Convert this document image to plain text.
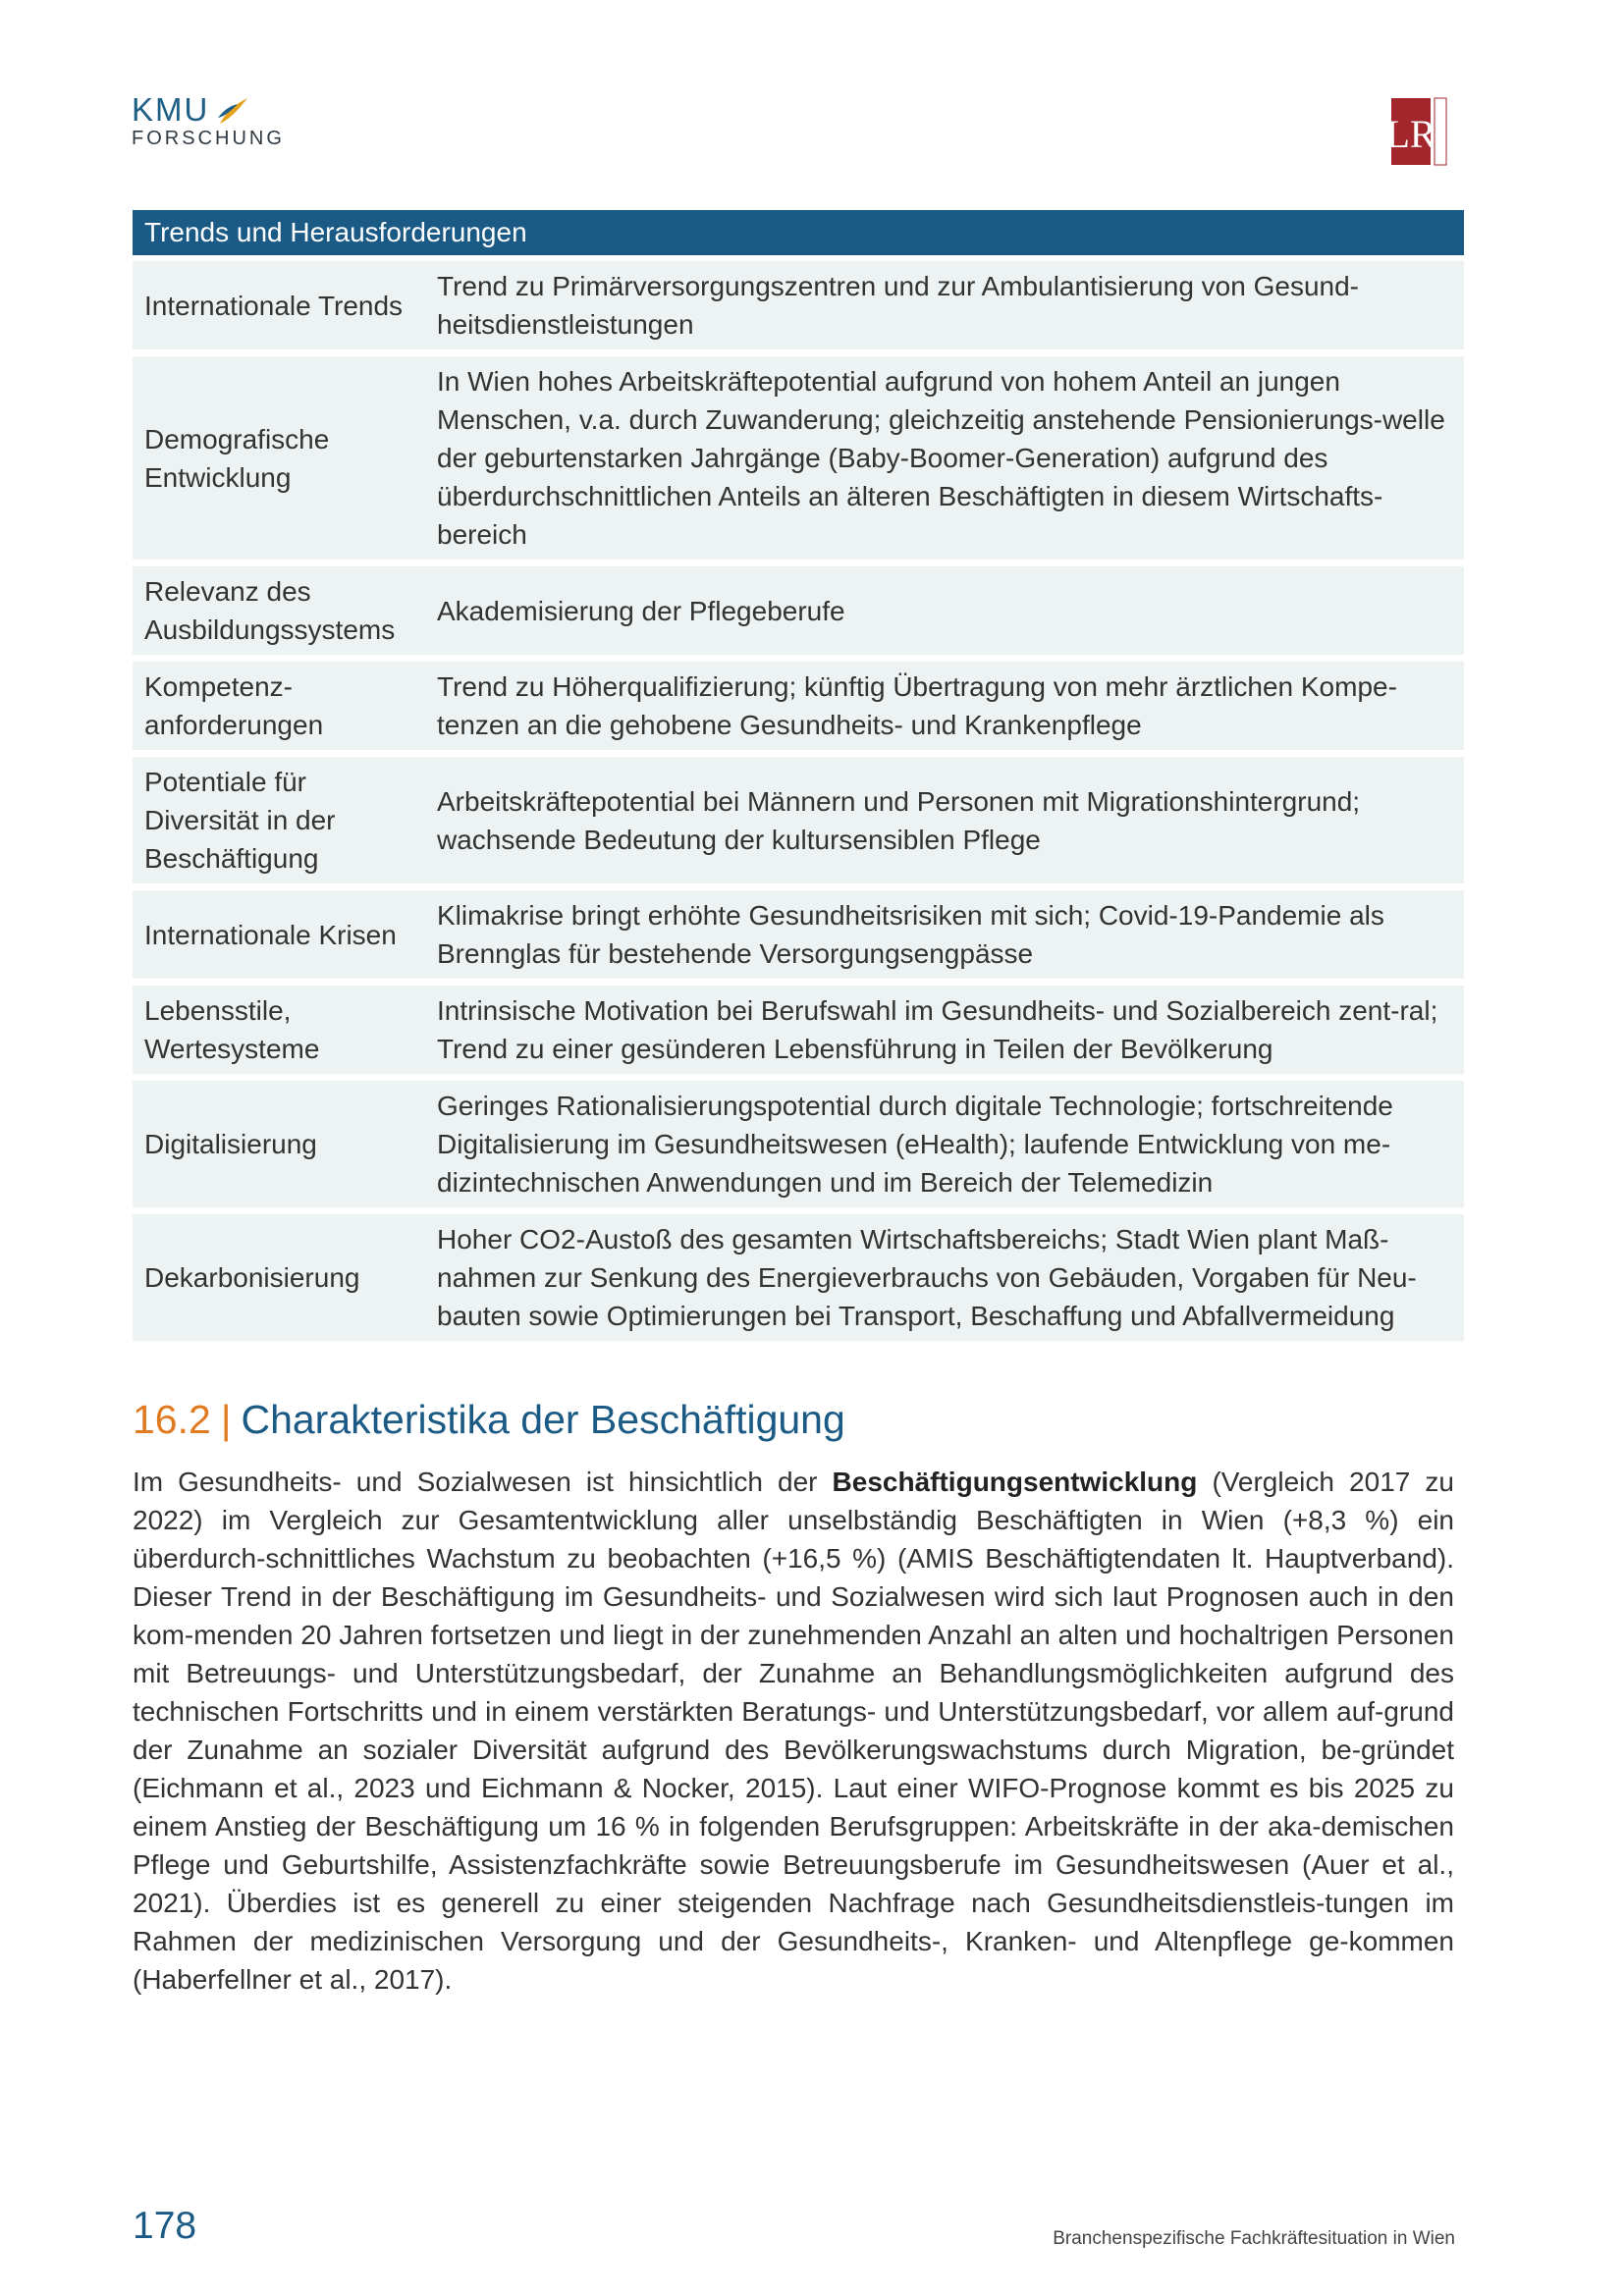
KMU
FORSCHUNG	LR
Trends und Herausforderungen
Internationale Trends
Trend zu Primärversorgungszentren und zur Ambulantisierung von Gesund-heitsdienstleistungen
Demografische Entwicklung
In Wien hohes Arbeitskräftepotential aufgrund von hohem Anteil an jungen Menschen, v.a. durch Zuwanderung; gleichzeitig anstehende Pensionierungs-welle der geburtenstarken Jahrgänge (Baby-Boomer-Generation) aufgrund des überdurchschnittlichen Anteils an älteren Beschäftigten in diesem Wirtschafts-bereich
Relevanz des Ausbildungssystems
Akademisierung der Pflegeberufe
Kompetenz-anforderungen
Trend zu Höherqualifizierung; künftig Übertragung von mehr ärztlichen Kompe-tenzen an die gehobene Gesundheits- und Krankenpflege
Potentiale für Diversität in der Beschäftigung
Arbeitskräftepotential bei Männern und Personen mit Migrationshintergrund; wachsende Bedeutung der kultursensiblen Pflege
Internationale Krisen
Klimakrise bringt erhöhte Gesundheitsrisiken mit sich; Covid-19-Pandemie als Brennglas für bestehende Versorgungsengpässe
Lebensstile, Wertesysteme
Intrinsische Motivation bei Berufswahl im Gesundheits- und Sozialbereich zent-ral; Trend zu einer gesünderen Lebensführung in Teilen der Bevölkerung
Digitalisierung
Geringes Rationalisierungspotential durch digitale Technologie; fortschreitende Digitalisierung im Gesundheitswesen (eHealth); laufende Entwicklung von me-dizintechnischen Anwendungen und im Bereich der Telemedizin
Dekarbonisierung
Hoher CO2-Austoß des gesamten Wirtschaftsbereichs; Stadt Wien plant Maß-nahmen zur Senkung des Energieverbrauchs von Gebäuden, Vorgaben für Neu-bauten sowie Optimierungen bei Transport, Beschaffung und Abfallvermeidung
16.2 | Charakteristika der Beschäftigung
Im Gesundheits- und Sozialwesen ist hinsichtlich der Beschäftigungsentwicklung (Vergleich 2017 zu 2022) im Vergleich zur Gesamtentwicklung aller unselbständig Beschäftigten in Wien (+8,3 %) ein überdurch-schnittliches Wachstum zu beobachten (+16,5 %) (AMIS Beschäftigtendaten lt. Hauptverband). Dieser Trend in der Beschäftigung im Gesundheits- und Sozialwesen wird sich laut Prognosen auch in den kom-menden 20 Jahren fortsetzen und liegt in der zunehmenden Anzahl an alten und hochaltrigen Personen mit Betreuungs- und Unterstützungsbedarf, der Zunahme an Behandlungsmöglichkeiten aufgrund des technischen Fortschritts und in einem verstärkten Beratungs- und Unterstützungsbedarf, vor allem auf-grund der Zunahme an sozialer Diversität aufgrund des Bevölkerungswachstums durch Migration, be-gründet (Eichmann et al., 2023 und Eichmann & Nocker, 2015). Laut einer WIFO-Prognose kommt es bis 2025 zu einem Anstieg der Beschäftigung um 16 % in folgenden Berufsgruppen: Arbeitskräfte in der aka-demischen Pflege und Geburtshilfe, Assistenzfachkräfte sowie Betreuungsberufe im Gesundheitswesen (Auer et al., 2021). Überdies ist es generell zu einer steigenden Nachfrage nach Gesundheitsdienstleis-tungen im Rahmen der medizinischen Versorgung und der Gesundheits-, Kranken- und Altenpflege ge-kommen (Haberfellner et al., 2017).
178	Branchenspezifische Fachkräftesituation in Wien
